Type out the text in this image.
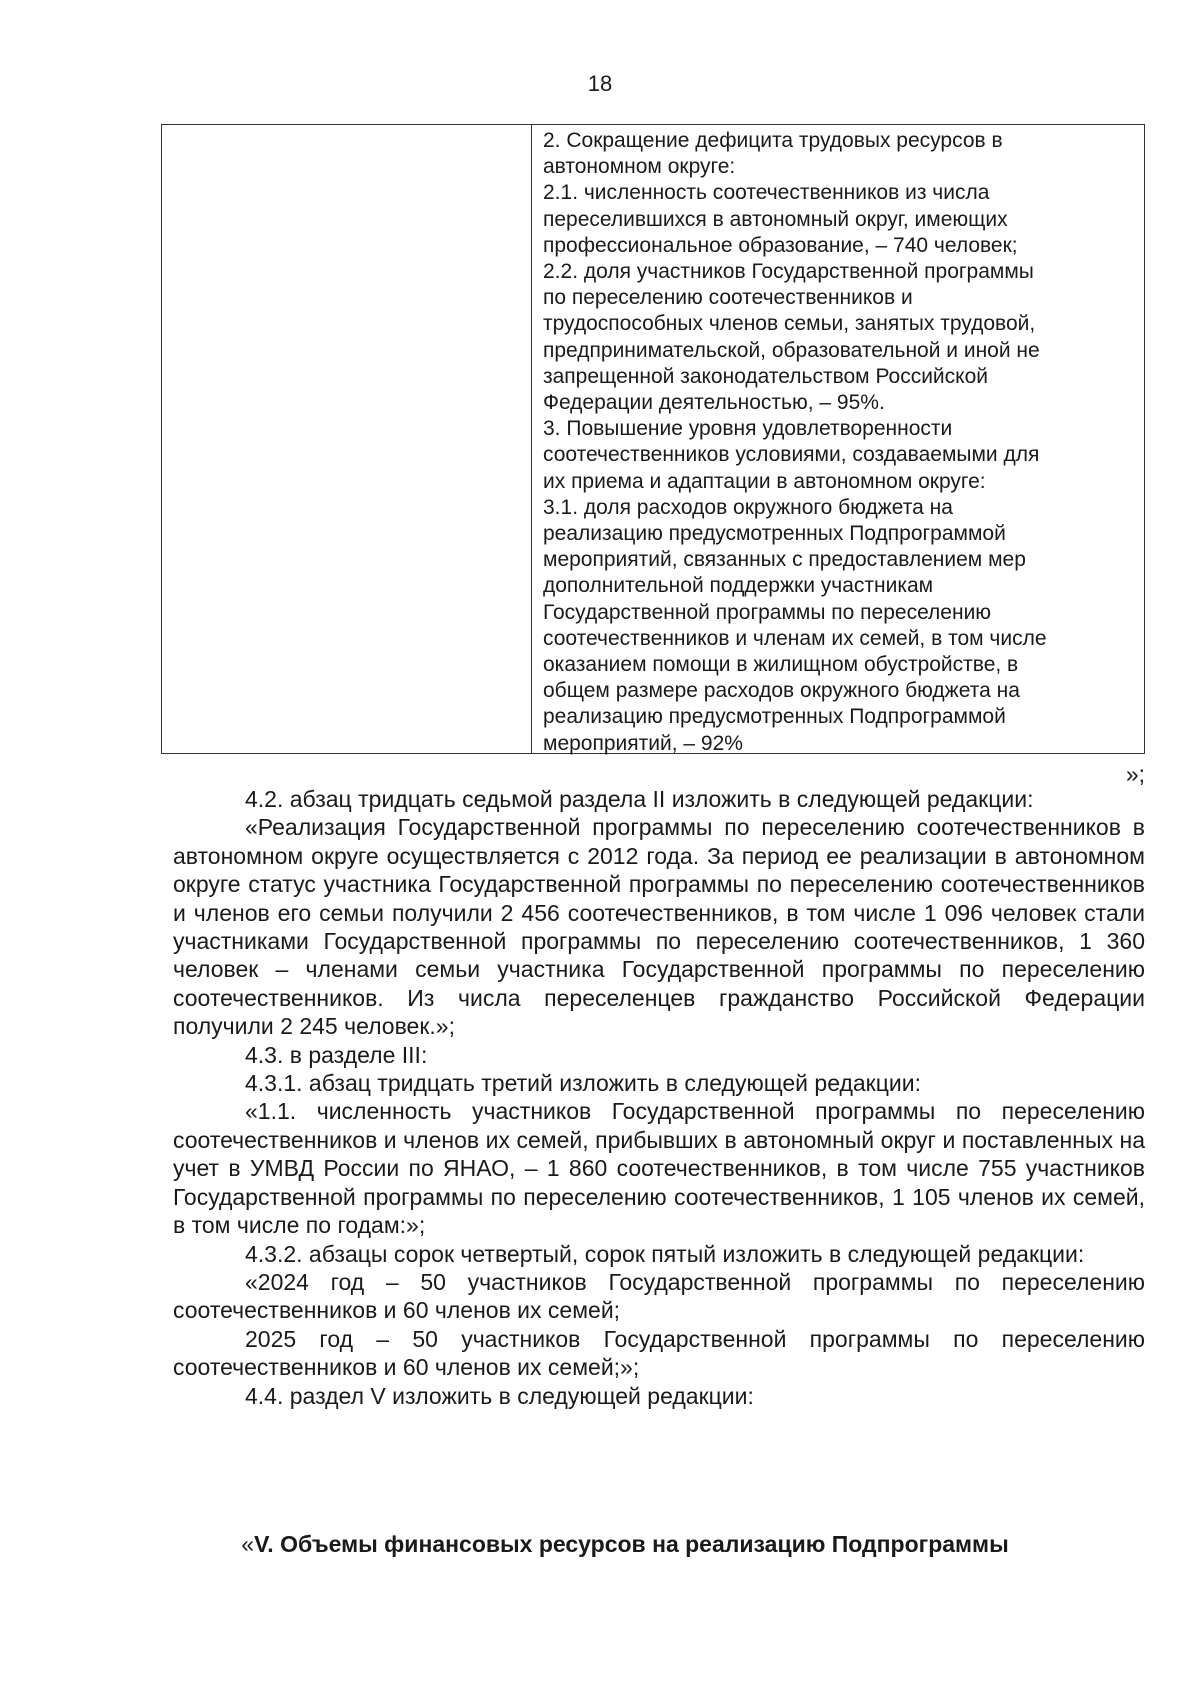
18
2. Сокращение дефицита трудовых ресурсов в
автономном округе:
2.1. численность соотечественников из числа
переселившихся в автономный округ, имеющих
профессиональное образование, – 740 человек;
2.2. доля участников Государственной программы
по переселению соотечественников и
трудоспособных членов семьи, занятых трудовой,
предпринимательской, образовательной и иной не
запрещенной законодательством Российской
Федерации деятельностью, – 95%.
3. Повышение уровня удовлетворенности
соотечественников условиями, создаваемыми для
их приема и адаптации в автономном округе:
3.1. доля расходов окружного бюджета на
реализацию предусмотренных Подпрограммой
мероприятий, связанных с предоставлением мер
дополнительной поддержки участникам
Государственной программы по переселению
соотечественников и членам их семей, в том числе
оказанием помощи в жилищном обустройстве, в
общем размере расходов окружного бюджета на
реализацию предусмотренных Подпрограммой
мероприятий, – 92%
»;

4.2. абзац тридцать седьмой раздела II изложить в следующей редакции:

«Реализация Государственной программы по переселению соотечественников в автономном округе осуществляется с 2012 года. За период ее реализации в автономном округе статус участника Государственной программы по переселению соотечественников и членов его семьи получили 2 456 соотечественников, в том числе 1 096 человек стали участниками Государственной программы по переселению соотечественников, 1 360 человек – членами семьи участника Государственной программы по переселению соотечественников. Из числа переселенцев гражданство Российской Федерации получили 2 245 человек.»;

4.3. в разделе III:

4.3.1. абзац тридцать третий изложить в следующей редакции:

«1.1. численность участников Государственной программы по переселению соотечественников и членов их семей, прибывших в автономный округ и поставленных на учет в УМВД России по ЯНАО, – 1 860 соотечественников, в том числе 755 участников Государственной программы по переселению соотечественников, 1 105 членов их семей, в том числе по годам:»;

4.3.2. абзацы сорок четвертый, сорок пятый изложить в следующей редакции:

«2024 год – 50 участников Государственной программы по переселению соотечественников и 60 членов их семей;

2025 год – 50 участников Государственной программы по переселению соотечественников и 60 членов их семей;»;

4.4. раздел V изложить в следующей редакции:

«V. Объемы финансовых ресурсов на реализацию Подпрограммы
